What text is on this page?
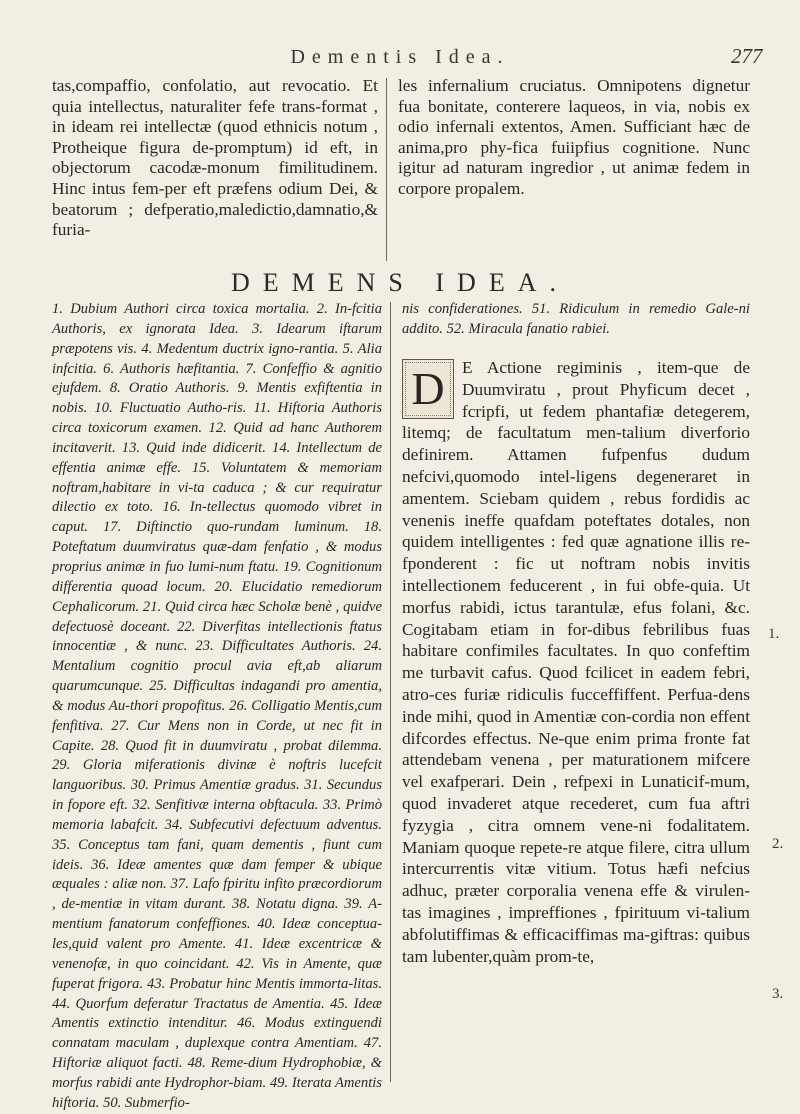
Dementis Idea.	277

tas,compaffio, confolatio, aut revocatio. Et quia intellectus, naturaliter fefe trans-format , in ideam rei intellectæ (quod ethnicis notum , Protheique figura de-promptum) id eft, in objectorum cacodæ-monum fimilitudinem. Hinc intus fem-per eft præfens odium Dei, & beatorum ; defperatio,maledictio,damnatio,& furia-

les infernalium cruciatus. Omnipotens dignetur fua bonitate, conterere laqueos, in via, nobis ex odio infernali extentos, Amen. Sufficiant hæc de anima,pro phy-fica fuiipfius cognitione. Nunc igitur ad naturam ingredior , ut animæ fedem in corpore propalem.

DEMENS IDEA.

1. Dubium Authori circa toxica mortalia. 2. In-fcitia Authoris, ex ignorata Idea. 3. Idearum iftarum præpotens vis. 4. Medentum ductrix igno-rantia. 5. Alia infcitia. 6. Authoris hæfitantia. 7. Confeffio & agnitio ejufdem. 8. Oratio Authoris. 9. Mentis exfiftentia in nobis. 10. Fluctuatio Autho-ris. 11. Hiftoria Authoris circa toxicorum examen. 12. Quid ad hanc Authorem incitaverit. 13. Quid inde didicerit. 14. Intellectum de effentia animæ effe. 15. Voluntatem & memoriam noftram,habitare in vi-ta caduca ; & cur requiratur dilectio ex toto. 16. In-tellectus quomodo vibret in caput. 17. Diftinctio quo-rundam luminum. 18. Poteftatum duumviratus quæ-dam fenfatio , & modus proprius animæ in fuo lumi-num ftatu. 19. Cognitionum differentia quoad locum. 20. Elucidatio remediorum Cephalicorum. 21. Quid circa hæc Scholæ benè , quidve defectuosè doceant. 22. Diverfitas intellectionis ftatus innocentiæ , & nunc. 23. Difficultates Authoris. 24. Mentalium cognitio procul avia eft,ab aliarum quarumcunque. 25. Difficultas indagandi pro amentia, & modus Au-thori propofitus. 26. Colligatio Mentis,cum fenfitiva. 27. Cur Mens non in Corde, ut nec fit in Capite. 28. Quod fit in duumviratu , probat dilemma. 29. Gloria miferationis divinæ è noftris lucefcit languoribus. 30. Primus Amentiæ gradus. 31. Secundus in fopore eft. 32. Senfitivæ interna obftacula. 33. Primò memoria labafcit. 34. Subfecutivi defectuum adventus. 35. Conceptus tam fani, quam dementis , fiunt cum ideis. 36. Ideæ amentes quæ dam femper & ubique æquales : aliæ non. 37. Lafo fpiritu infito præcordiorum , de-mentiæ in vitam durant. 38. Notatu digna. 39. A-mentium fanatorum confeffiones. 40. Ideæ conceptua-les,quid valent pro Amente. 41. Ideæ excentricæ & venenofæ, in quo coincidant. 42. Vis in Amente, quæ fuperat frigora. 43. Probatur hinc Mentis immorta-litas. 44. Quorfum deferatur Tractatus de Amentia. 45. Ideæ Amentis extinctio intenditur. 46. Modus extinguendi connatam maculam , duplexque contra Amentiam. 47. Hiftoriæ aliquot facti. 48. Reme-dium Hydrophobiæ, & morfus rabidi ante Hydrophor-biam. 49. Iterata Amentis hiftoria. 50. Submerfio-

nis confiderationes. 51. Ridiculum in remedio Gale-ni addito. 52. Miracula fanatio rabiei.

D	E Actione regiminis , item-que de Duumviratu , prout Phyficum decet , fcripfi, ut fedem phantafiæ detegerem, litemq; de facultatum men-talium diverforio definirem. Attamen fufpenfus dudum nefcivi,quomodo intel-ligens degeneraret in amentem. Sciebam quidem , rebus fordidis ac venenis ineffe quafdam poteftates dotales, non quidem intelligentes : fed quæ agnatione illis re-fponderent : fic ut noftram nobis invitis intellectionem feducerent , in fui obfe-quia. Ut morfus rabidi, ictus tarantulæ, efus folani, &c. Cogitabam etiam in for-dibus febrilibus fuas habitare confimiles facultates. In quo confeftim me turbavit cafus. Quod fcilicet in eadem febri, atro-ces furiæ ridiculis fucceffiffent. Perfua-dens inde mihi, quod in Amentiæ con-cordia non effent difcordes effectus. Ne-que enim prima fronte fat attendebam venena , per maturationem mifcere vel exafperari. Dein , refpexi in Lunaticif-mum, quod invaderet atque recederet, cum fua aftri fyzygia , citra omnem vene-ni fodalitatem. Maniam quoque repete-re atque filere, citra ullum intercurrentis vitæ vitium. Totus hæfi nefcius adhuc, præter corporalia venena effe & virulen-tas imagines , impreffiones , fpirituum vi-talium abfolutiffimas & efficaciffimas ma-giftras: quibus tam lubenter,quàm prom-te,

1.
2.
3.
